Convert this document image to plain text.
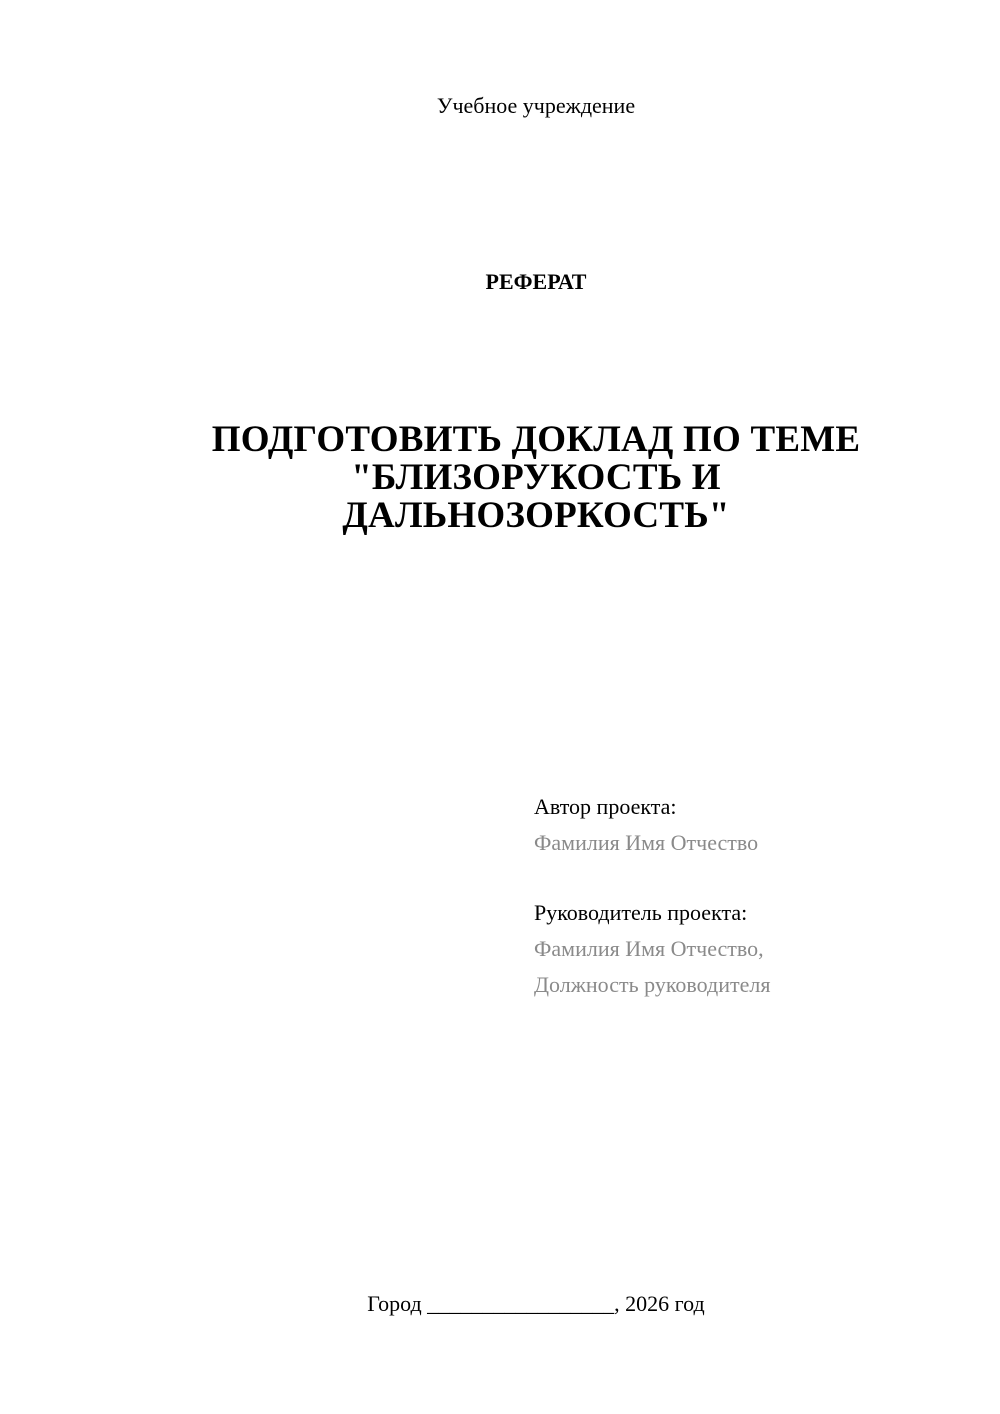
Учебное учреждение
РЕФЕРАТ
ПОДГОТОВИТЬ ДОКЛАД ПО ТЕМЕ
"БЛИЗОРУКОСТЬ И
ДАЛЬНОЗОРКОСТЬ"
Автор проекта:
Фамилия Имя Отчество
Руководитель проекта:
Фамилия Имя Отчество,
Должность руководителя
Город _________________, 2026 год
